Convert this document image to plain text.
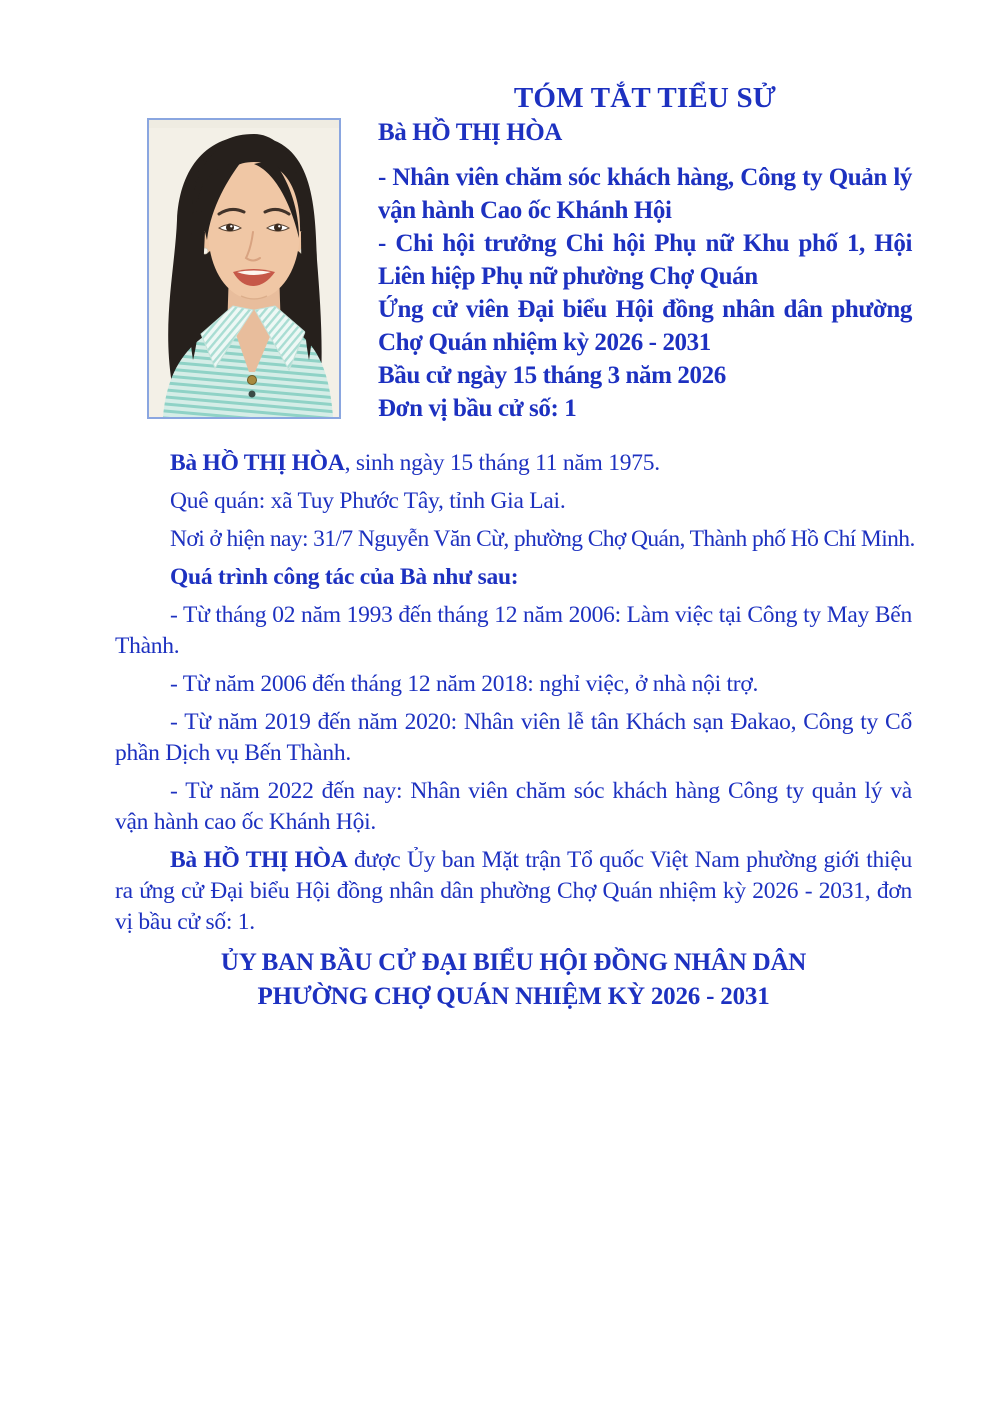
TÓM TẮT TIỂU SỬ

Bà HỒ THỊ HÒA

- Nhân viên chăm sóc khách hàng, Công ty Quản lý vận hành Cao ốc Khánh Hội

- Chi hội trưởng Chi hội Phụ nữ Khu phố 1, Hội Liên hiệp Phụ nữ phường Chợ Quán

Ứng cử viên Đại biểu Hội đồng nhân dân phường Chợ Quán nhiệm kỳ 2026 - 2031

Bầu cử ngày 15 tháng 3 năm 2026

Đơn vị bầu cử số: 1

Bà HỒ THỊ HÒA, sinh ngày 15 tháng 11 năm 1975.

Quê quán: xã Tuy Phước Tây, tỉnh Gia Lai.

Nơi ở hiện nay: 31/7 Nguyễn Văn Cừ, phường Chợ Quán, Thành phố Hồ Chí Minh.

Quá trình công tác của Bà như sau:

- Từ tháng 02 năm 1993 đến tháng 12 năm 2006: Làm việc tại Công ty May Bến Thành.

- Từ năm 2006 đến tháng 12 năm 2018: nghỉ việc, ở nhà nội trợ.

- Từ năm 2019 đến năm 2020: Nhân viên lễ tân Khách sạn Đakao, Công ty Cổ phần Dịch vụ Bến Thành.

- Từ năm 2022 đến nay: Nhân viên chăm sóc khách hàng Công ty quản lý và vận hành cao ốc Khánh Hội.

Bà HỒ THỊ HÒA được Ủy ban Mặt trận Tổ quốc Việt Nam phường giới thiệu ra ứng cử Đại biểu Hội đồng nhân dân phường Chợ Quán nhiệm kỳ 2026 - 2031, đơn vị bầu cử số: 1.

ỦY BAN BẦU CỬ ĐẠI BIỂU HỘI ĐỒNG NHÂN DÂN
PHƯỜNG CHỢ QUÁN NHIỆM KỲ 2026 - 2031
